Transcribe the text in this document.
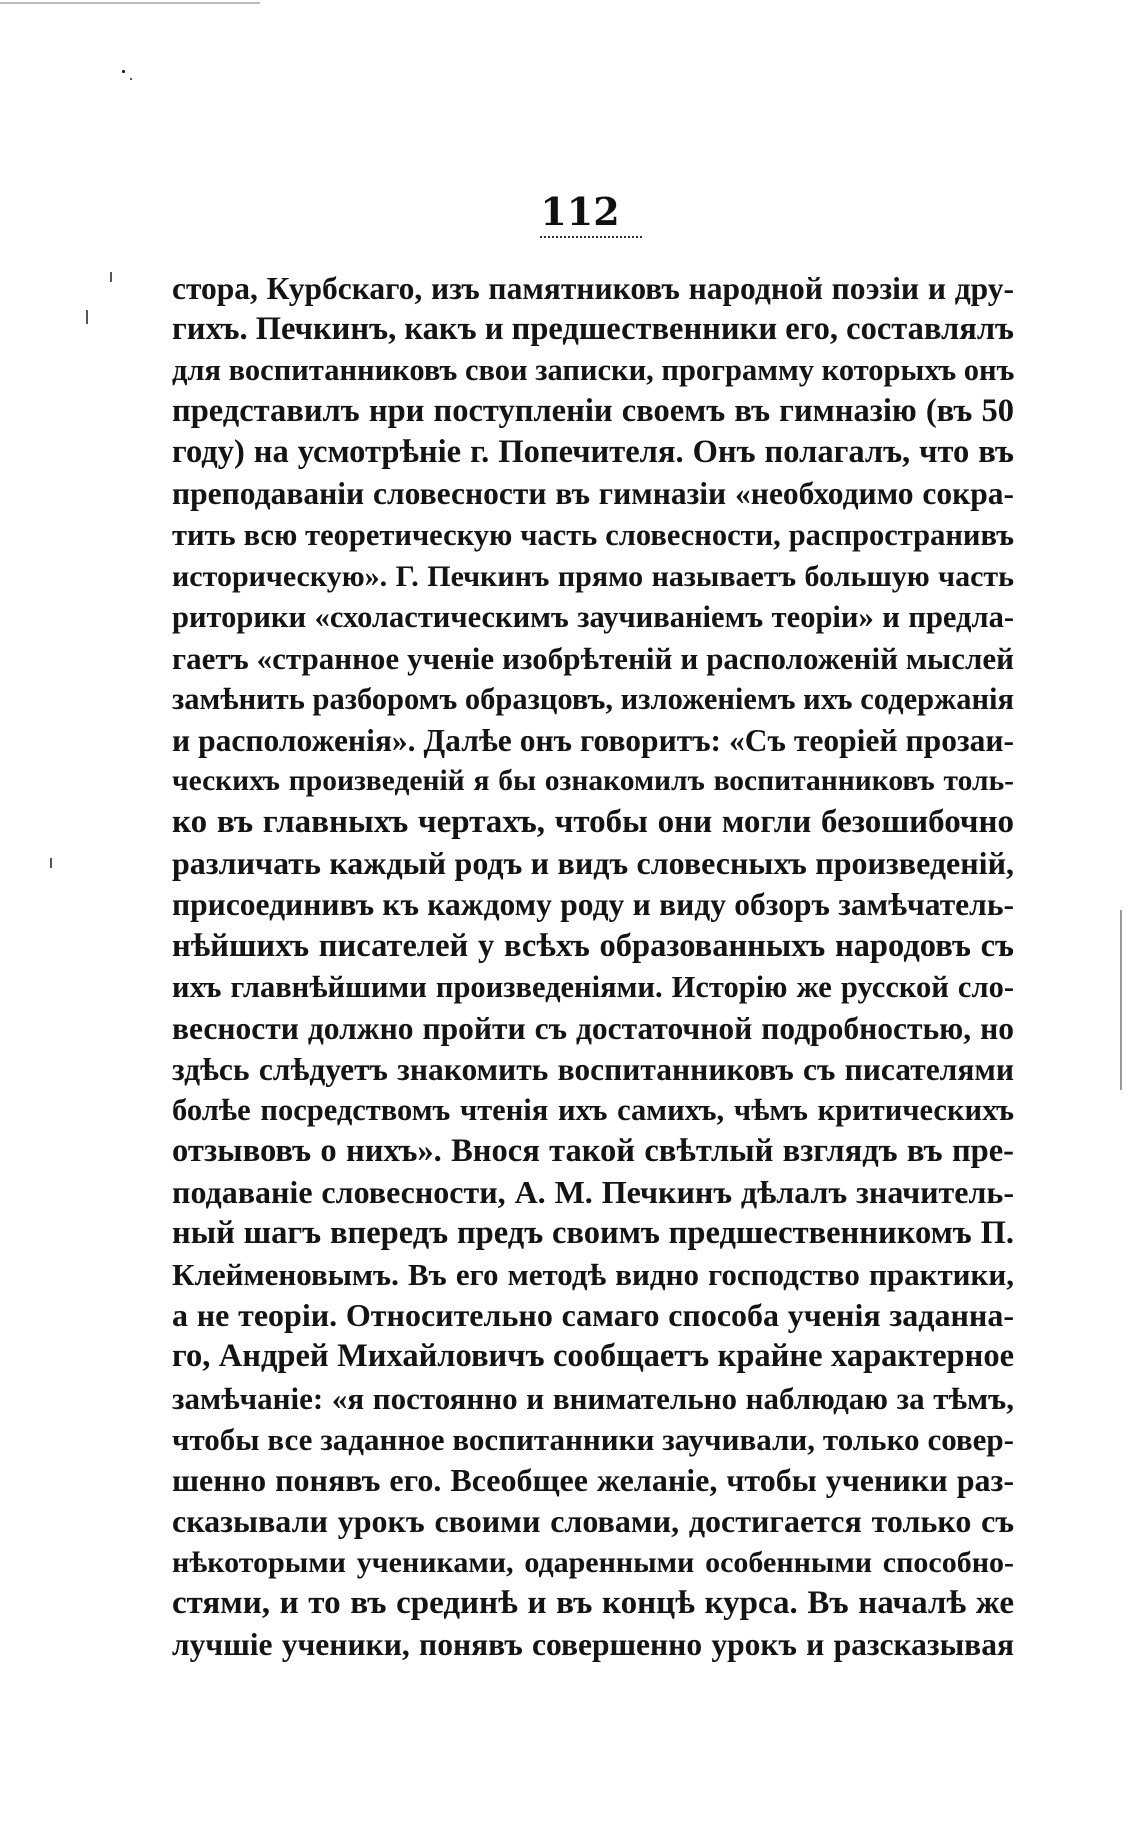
112
стора, Курбскаго, изъ памятниковъ народной поэзіи и дру-
гихъ. Печкинъ, какъ и предшественники его, составлялъ
для воспитанниковъ свои записки, программу которыхъ онъ
представилъ нри поступленіи своемъ въ гимназію (въ 50
году) на усмотрѣніе г. Попечителя. Онъ полагалъ, что въ
преподаваніи словесности въ гимназіи «необходимо сокра-
тить всю теоретическую часть словесности, распространивъ
историческую». Г. Печкинъ прямо называетъ большую часть
риторики «схоластическимъ заучиваніемъ теоріи» и предла-
гаетъ «странное ученіе изобрѣтеній и расположеній мыслей
замѣнить разборомъ образцовъ, изложеніемъ ихъ содержанія
и расположенія». Далѣе онъ говоритъ: «Съ теоріей прозаи-
ческихъ произведеній я бы ознакомилъ воспитанниковъ толь-
ко въ главныхъ чертахъ, чтобы они могли безошибочно
различать каждый родъ и видъ словесныхъ произведеній,
присоединивъ къ каждому роду и виду обзоръ замѣчатель-
нѣйшихъ писателей у всѣхъ образованныхъ народовъ съ
ихъ главнѣйшими произведеніями. Исторію же русской сло-
весности должно пройти съ достаточной подробностью, но
здѣсь слѣдуетъ знакомить воспитанниковъ съ писателями
болѣе посредствомъ чтенія ихъ самихъ, чѣмъ критическихъ
отзывовъ о нихъ». Внося такой свѣтлый взглядъ въ пре-
подаваніе словесности, А. М. Печкинъ дѣлалъ значитель-
ный шагъ впередъ предъ своимъ предшественникомъ П.
Клейменовымъ. Въ его методѣ видно господство практики,
а не теоріи. Относительно самаго способа ученія заданна-
го, Андрей Михайловичъ сообщаетъ крайне характерное
замѣчаніе: «я постоянно и внимательно наблюдаю за тѣмъ,
чтобы все заданное воспитанники заучивали, только совер-
шенно понявъ его. Всеобщее желаніе, чтобы ученики раз-
сказывали урокъ своими словами, достигается только съ
нѣкоторыми учениками, одаренными особенными способно-
стями, и то въ срединѣ и въ концѣ курса. Въ началѣ же
лучшіе ученики, понявъ совершенно урокъ и разсказывая
